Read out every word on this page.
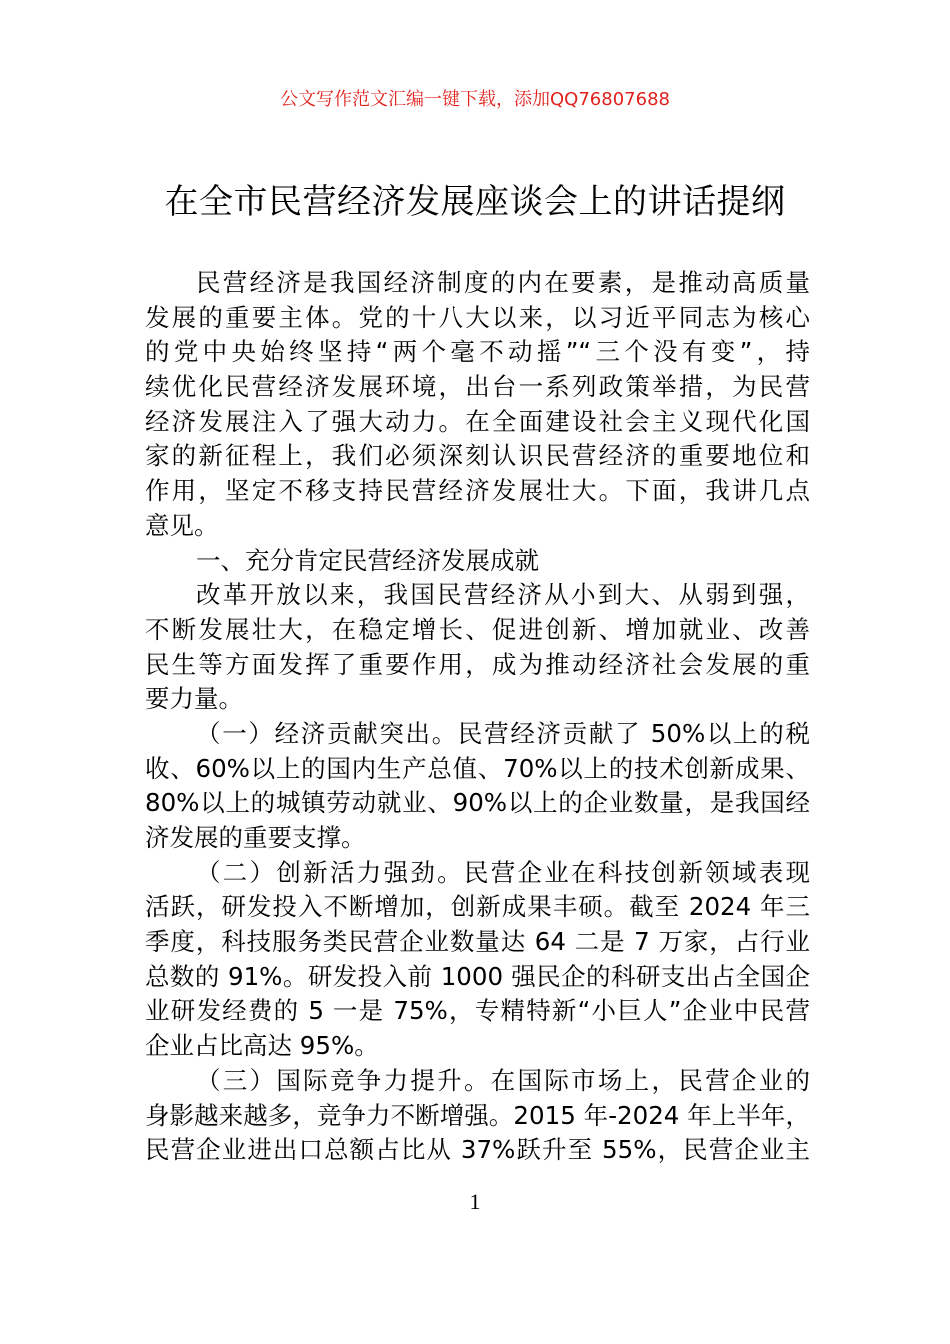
公文写作范文汇编一键下载，添加QQ76807688
在全市民营经济发展座谈会上的讲话提纲
民营经济是我国经济制度的内在要素，是推动高质量
发展的重要主体。党的十八大以来，以习近平同志为核心
的党中央始终坚持“两个毫不动摇”“三个没有变”，持
续优化民营经济发展环境，出台一系列政策举措，为民营
经济发展注入了强大动力。在全面建设社会主义现代化国
家的新征程上，我们必须深刻认识民营经济的重要地位和
作用，坚定不移支持民营经济发展壮大。下面，我讲几点
意见。
一、充分肯定民营经济发展成就
改革开放以来，我国民营经济从小到大、从弱到强，
不断发展壮大，在稳定增长、促进创新、增加就业、改善
民生等方面发挥了重要作用，成为推动经济社会发展的重
要力量。
（一）经济贡献突出。民营经济贡献了 50%以上的税
收、60%以上的国内生产总值、70%以上的技术创新成果、
80%以上的城镇劳动就业、90%以上的企业数量，是我国经
济发展的重要支撑。
（二）创新活力强劲。民营企业在科技创新领域表现
活跃，研发投入不断增加，创新成果丰硕。截至 2024 年三
季度，科技服务类民营企业数量达 64 二是 7 万家，占行业
总数的 91%。研发投入前 1000 强民企的科研支出占全国企
业研发经费的 5 一是 75%，专精特新“小巨人”企业中民营
企业占比高达 95%。
（三）国际竞争力提升。在国际市场上，民营企业的
身影越来越多，竞争力不断增强。2015 年-2024 年上半年，
民营企业进出口总额占比从 37%跃升至 55%，民营企业主
1
